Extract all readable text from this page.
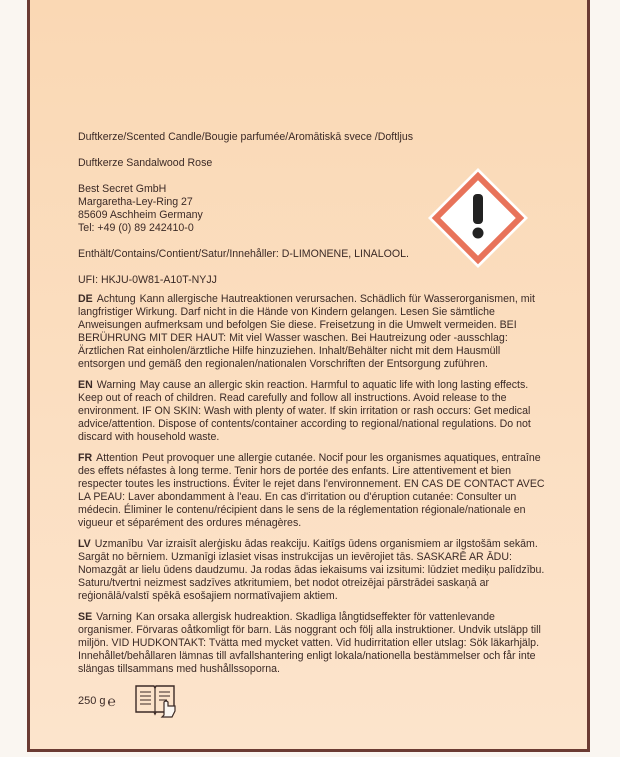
Duftkerze/Scented Candle/Bougie parfumée/Aromātiskā svece /Doftljus
Duftkerze Sandalwood Rose
Best Secret GmbH
Margaretha-Ley-Ring 27
85609 Aschheim Germany
Tel: +49 (0) 89 242410-0
Enthält/Contains/Contient/Satur/Innehåller: D-LIMONENE, LINALOOL.
UFI: HKJU-0W81-A10T-NYJJ
DE Achtung Kann allergische Hautreaktionen verursachen. Schädlich für Wasserorganismen, mit langfristiger Wirkung. Darf nicht in die Hände von Kindern gelangen. Lesen Sie sämtliche Anweisungen aufmerksam und befolgen Sie diese. Freisetzung in die Umwelt vermeiden. BEI BERÜHRUNG MIT DER HAUT: Mit viel Wasser waschen. Bei Hautreizung oder -ausschlag: Ärztlichen Rat einholen/ärztliche Hilfe hinzuziehen. Inhalt/Behälter nicht mit dem Hausmüll entsorgen und gemäß den regionalen/nationalen Vorschriften der Entsorgung zuführen.
EN Warning May cause an allergic skin reaction. Harmful to aquatic life with long lasting effects. Keep out of reach of children. Read carefully and follow all instructions. Avoid release to the environment. IF ON SKIN: Wash with plenty of water. If skin irritation or rash occurs: Get medical advice/attention. Dispose of contents/container according to regional/national regulations. Do not discard with household waste.
FR Attention Peut provoquer une allergie cutanée. Nocif pour les organismes aquatiques, entraîne des effets néfastes à long terme. Tenir hors de portée des enfants. Lire attentivement et bien respecter toutes les instructions. Éviter le rejet dans l'environnement. EN CAS DE CONTACT AVEC LA PEAU: Laver abondamment à l'eau. En cas d'irritation ou d'éruption cutanée: Consulter un médecin. Éliminer le contenu/récipient dans le sens de la réglementation régionale/nationale en vigueur et séparément des ordures ménagères.
LV Uzmanību Var izraisīt alerģisku ādas reakciju. Kaitīgs ūdens organismiem ar ilgstošām sekām. Sargāt no bērniem. Uzmanīgi izlasiet visas instrukcijas un ievērojiet tās. SASKARĒ AR ĀDU: Nomazgāt ar lielu ūdens daudzumu. Ja rodas ādas iekaisums vai izsitumi: lūdziet mediķu palīdzību. Saturu/tvertni neizmest sadzīves atkritumiem, bet nodot otreizējai pārstrādei saskaņā ar reģionālā/valstī spēkā esošajiem normatīvajiem aktiem.
SE Varning Kan orsaka allergisk hudreaktion. Skadliga långtidseffekter för vattenlevande organismer. Förvaras oåtkomligt för barn. Läs noggrant och följ alla instruktioner. Undvik utsläpp till miljön. VID HUDKONTAKT: Tvätta med mycket vatten. Vid hudirritation eller utslag: Sök läkarhjälp. Innehållet/behållaren lämnas till avfallshantering enligt lokala/nationella bestämmelser och får inte slängas tillsammans med hushållssoporna.
250 g ℮
